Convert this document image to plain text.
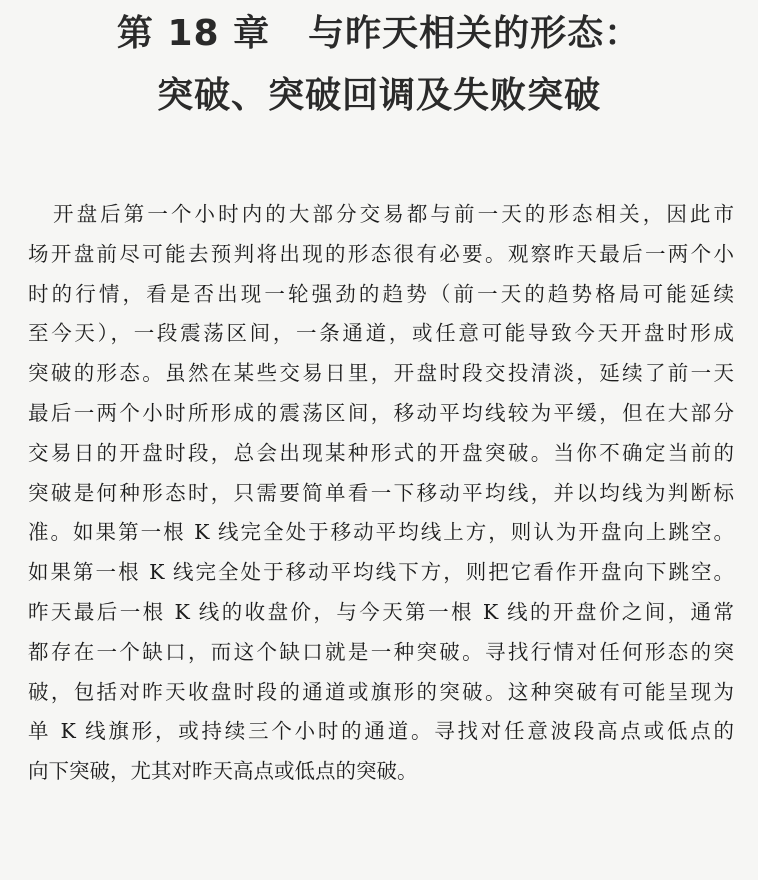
第 18 章 与昨天相关的形态：
突破、突破回调及失败突破
开盘后第一个小时内的大部分交易都与前一天的形态相关，因此市
场开盘前尽可能去预判将出现的形态很有必要。观察昨天最后一两个小
时的行情，看是否出现一轮强劲的趋势（前一天的趋势格局可能延续
至今天），一段震荡区间，一条通道，或任意可能导致今天开盘时形成
突破的形态。虽然在某些交易日里，开盘时段交投清淡，延续了前一天
最后一两个小时所形成的震荡区间，移动平均线较为平缓，但在大部分
交易日的开盘时段，总会出现某种形式的开盘突破。当你不确定当前的
突破是何种形态时，只需要简单看一下移动平均线，并以均线为判断标
准。如果第一根 K 线完全处于移动平均线上方，则认为开盘向上跳空。
如果第一根 K 线完全处于移动平均线下方，则把它看作开盘向下跳空。
昨天最后一根 K 线的收盘价，与今天第一根 K 线的开盘价之间，通常
都存在一个缺口，而这个缺口就是一种突破。寻找行情对任何形态的突
破，包括对昨天收盘时段的通道或旗形的突破。这种突破有可能呈现为
单 K 线旗形，或持续三个小时的通道。寻找对任意波段高点或低点的
向下突破，尤其对昨天高点或低点的突破。
